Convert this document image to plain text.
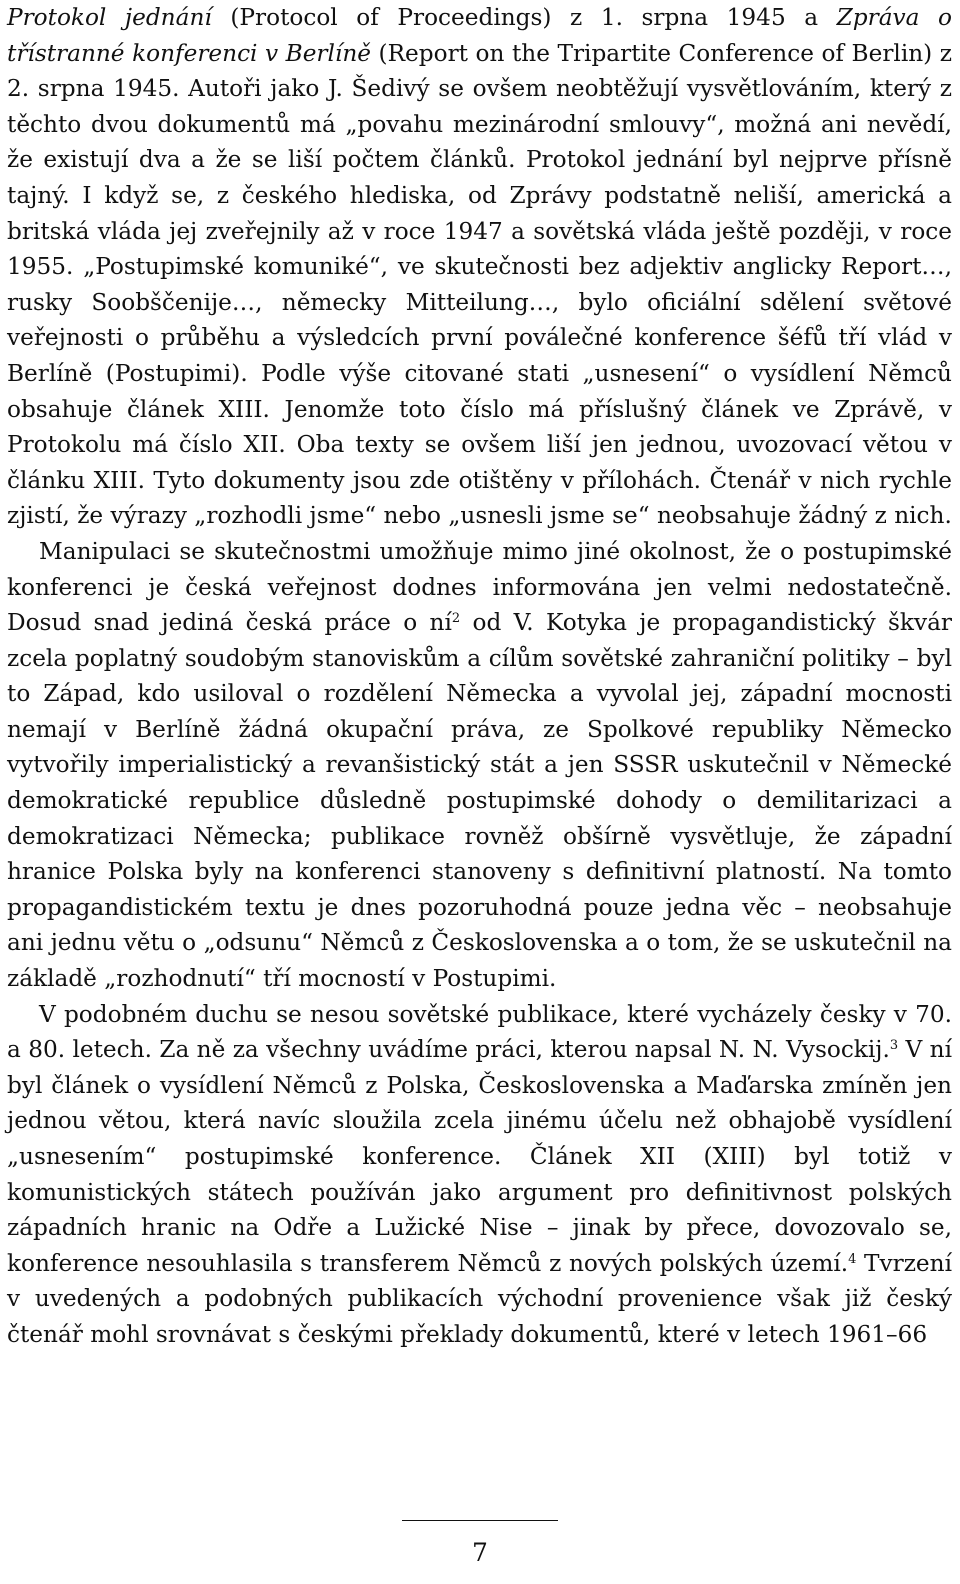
Protokol jednání (Protocol of Proceedings) z 1. srpna 1945 a Zpráva o třístranné konferenci v Berlíně (Report on the Tripartite Conference of Berlin) z 2. srpna 1945. Autoři jako J. Šedivý se ovšem neobtěžují vysvětlováním, který z těchto dvou dokumentů má „povahu mezinárodní smlouvy“, možná ani nevědí, že existují dva a že se liší počtem článků. Protokol jednání byl nejprve přísně tajný. I když se, z českého hlediska, od Zprávy podstatně neliší, americká a britská vláda jej zveřejnily až v roce 1947 a sovětská vláda ještě později, v roce 1955. „Postupimské komuniké“, ve skutečnosti bez adjektiv anglicky Report…, rusky Soobščenije…, německy Mitteilung…, bylo oficiální sdělení světové veřejnosti o průběhu a výsledcích první poválečné konference šéfů tří vlád v Berlíně (Postupimi). Podle výše citované stati „usnesení“ o vysídlení Němců obsahuje článek XIII. Jenomže toto číslo má příslušný článek ve Zprávě, v Protokolu má číslo XII. Oba texty se ovšem liší jen jednou, uvozovací větou v článku XIII. Tyto dokumenty jsou zde otištěny v přílohách. Čtenář v nich rychle zjistí, že výrazy „rozhodli jsme“ nebo „usnesli jsme se“ neobsahuje žádný z nich.

Manipulaci se skutečnostmi umožňuje mimo jiné okolnost, že o postupimské konferenci je česká veřejnost dodnes informována jen velmi nedostatečně. Dosud snad jediná česká práce o ní$^2$ od V. Kotyka je propagandistický škvár zcela poplatný soudobým stanoviskům a cílům sovětské zahraniční politiky – byl to Západ, kdo usiloval o rozdělení Německa a vyvolal jej, západní mocnosti nemají v Berlíně žádná okupační práva, ze Spolkové republiky Německo vytvořily imperialistický a revanšistický stát a jen SSSR uskutečnil v Německé demokratické republice důsledně postupimské dohody o demilitarizaci a demokratizaci Německa; publikace rovněž obšírně vysvětluje, že západní hranice Polska byly na konferenci stanoveny s definitivní platností. Na tomto propagandistickém textu je dnes pozoruhodná pouze jedna věc – neobsahuje ani jednu větu o „odsunu“ Němců z Československa a o tom, že se uskutečnil na základě „rozhodnutí“ tří mocností v Postupimi.

V podobném duchu se nesou sovětské publikace, které vycházely česky v 70. a 80. letech. Za ně za všechny uvádíme práci, kterou napsal N. N. Vysockij.$^3$ V ní byl článek o vysídlení Němců z Polska, Československa a Maďarska zmíněn jen jednou větou, která navíc sloužila zcela jinému účelu než obhajobě vysídlení „usnesením“ postupimské konference. Článek XII (XIII) byl totiž v komunistických státech používán jako argument pro definitivnost polských západních hranic na Odře a Lužické Nise – jinak by přece, dovozovalo se, konference nesouhlasila s transferem Němců z nových polských území.$^4$ Tvrzení v uvedených a podobných publikacích východní provenience však již český čtenář mohl srovnávat s českými překlady dokumentů, které v letech 1961–66

7
